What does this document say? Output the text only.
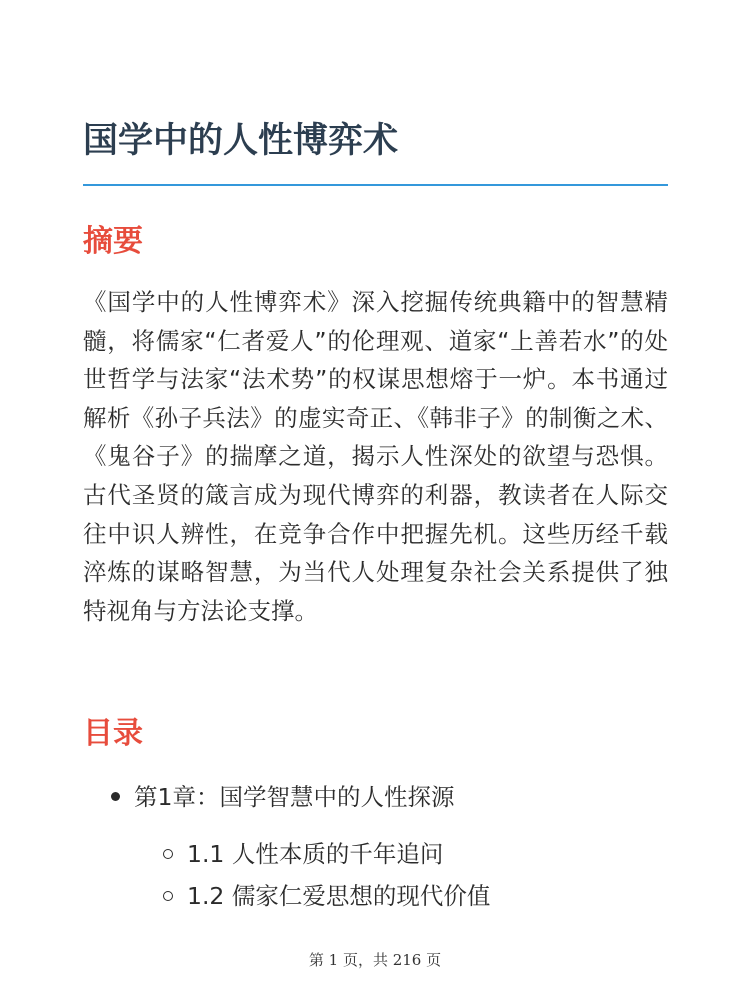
国学中的人性博弈术
摘要

《国学中的人性博弈术》深入挖掘传统典籍中的智慧精髓，将儒家“仁者爱人”的伦理观、道家“上善若水”的处世哲学与法家“法术势”的权谋思想熔于一炉。本书通过解析《孙子兵法》的虚实奇正、《韩非子》的制衡之术、《鬼谷子》的揣摩之道，揭示人性深处的欲望与恐惧。古代圣贤的箴言成为现代博弈的利器，教读者在人际交往中识人辨性，在竞争合作中把握先机。这些历经千载淬炼的谋略智慧，为当代人处理复杂社会关系提供了独特视角与方法论支撑。

目录
第1章：国学智慧中的人性探源
1.1 人性本质的千年追问
1.2 儒家仁爱思想的现代价值
第 1 页，共 216 页
